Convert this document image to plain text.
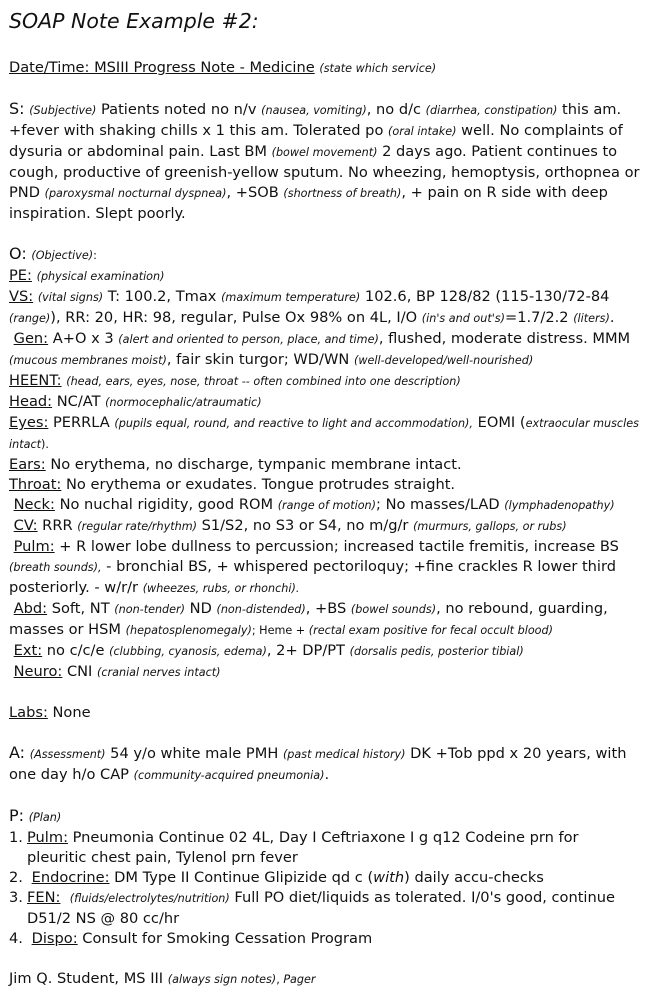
SOAP Note Example #2:

Date/Time: MSIII Progress Note - Medicine (state which service)

S: (Subjective) Patients noted no n/v (nausea, vomiting), no d/c (diarrhea, constipation) this am. +fever with shaking chills x 1 this am. Tolerated po (oral intake) well. No complaints of dysuria or abdominal pain. Last BM (bowel movement) 2 days ago. Patient continues to cough, productive of greenish-yellow sputum. No wheezing, hemoptysis, orthopnea or PND (paroxysmal nocturnal dyspnea), +SOB (shortness of breath), + pain on R side with deep inspiration. Slept poorly.

O: (Objective):

PE: (physical examination)

VS: (vital signs) T: 100.2, Tmax (maximum temperature) 102.6, BP 128/82 (115-130/72-84 (range)), RR: 20, HR: 98, regular, Pulse Ox 98% on 4L, I/O (in's and out's)=1.7/2.2 (liters).

Gen: A+O x 3 (alert and oriented to person, place, and time), flushed, moderate distress. MMM (mucous membranes moist), fair skin turgor; WD/WN (well-developed/well-nourished)

HEENT: (head, ears, eyes, nose, throat -- often combined into one description)

Head: NC/AT (normocephalic/atraumatic)

Eyes: PERRLA (pupils equal, round, and reactive to light and accommodation), EOMI (extraocular muscles intact).

Ears: No erythema, no discharge, tympanic membrane intact.

Throat: No erythema or exudates. Tongue protrudes straight.

Neck: No nuchal rigidity, good ROM (range of motion); No masses/LAD (lymphadenopathy)

CV: RRR (regular rate/rhythm) S1/S2, no S3 or S4, no m/g/r (murmurs, gallops, or rubs)

Pulm: + R lower lobe dullness to percussion; increased tactile fremitis, increase BS (breath sounds), - bronchial BS, + whispered pectoriloquy; +fine crackles R lower third posteriorly. - w/r/r (wheezes, rubs, or rhonchi).

Abd: Soft, NT (non-tender) ND (non-distended), +BS (bowel sounds), no rebound, guarding, masses or HSM (hepatosplenomegaly); Heme + (rectal exam positive for fecal occult blood)

Ext: no c/c/e (clubbing, cyanosis, edema), 2+ DP/PT (dorsalis pedis, posterior tibial)

Neuro: CNI (cranial nerves intact)

Labs: None

A: (Assessment) 54 y/o white male PMH (past medical history) DK +Tob ppd x 20 years, with one day h/o CAP (community-acquired pneumonia).

P: (Plan)

1. Pulm: Pneumonia Continue 02 4L, Day I Ceftriaxone I g q12 Codeine prn for pleuritic chest pain, Tylenol prn fever
2. Endocrine: DM Type II Continue Glipizide qd c (with) daily accu-checks
3. FEN: (fluids/electrolytes/nutrition) Full PO diet/liquids as tolerated. I/0's good, continue D51/2 NS @ 80 cc/hr
4. Dispo: Consult for Smoking Cessation Program

Jim Q. Student, MS III (always sign notes), Pager
